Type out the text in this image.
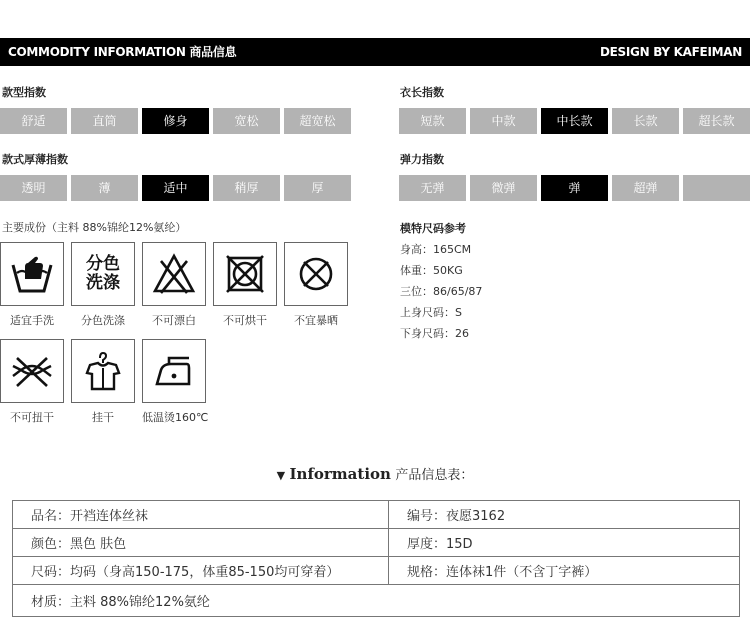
COMMODITY INFORMATION 商品信息	DESIGN BY KAFEIMAN
款型指数
舒适	直筒	修身	宽松	超宽松
衣长指数
短款	中款	中长款	长款	超长款
款式厚薄指数
透明	薄	适中	稍厚	厚
弹力指数
无弹	微弹	弹	超弹
主要成份（主料 88%锦纶12%氨纶）
适宜手洗
分色
洗涤
分色洗涤	不可漂白	不可烘干	不宜暴晒
不可扭干	挂干	低温烫160℃
模特尺码参考
身高：165CM
体重：50KG
三位：86/65/87
上身尺码：S
下身尺码：26
▼ Information 产品信息表：
品名：开裆连体丝袜	编号：夜愿3162
颜色：黑色 肤色	厚度：15D
尺码：均码（身高150-175，体重85-150均可穿着）	规格：连体袜1件（不含丁字裤）
材质：主料 88%锦纶12%氨纶	
